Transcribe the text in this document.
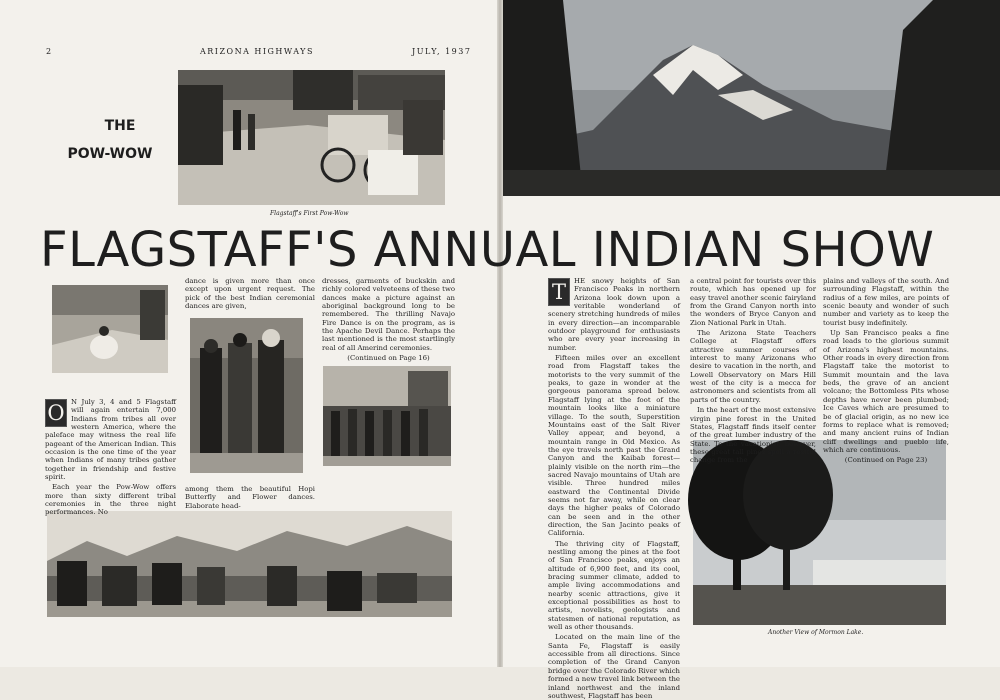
2	ARIZONA HIGHWAYS	JULY, 1937
THE
POW-WOW
Flagstaff's First Pow-Wow
FLAGSTAFF'S ANNUAL INDIAN SHOW

O N July 3, 4 and 5 Flagstaff will again entertain 7,000 Indians from tribes all over western America, where the paleface may witness the real life pageant of the American Indian. This occasion is the one time of the year when Indians of many tribes gather together in friendship and festive spirit.

Each year the Pow-Wow offers more than sixty different tribal ceremonies in the three night performances. No

dance is given more than once except upon urgent request. The pick of the best Indian ceremonial dances are given,

among them the beautiful Hopi Butterfly and Flower dances. Elaborate head-

dresses, garments of buckskin and richly colored velveteens of these two dances make a picture against an aboriginal background long to be remembered. The thrilling Navajo Fire Dance is on the program, as is the Apache Devil Dance. Perhaps the last mentioned is the most startlingly real of all Amerind ceremonies.

(Continued on Page 16)

T	HE snowy heights of San Francisco Peaks in northern Arizona look down upon a veritable wonderland of scenery stretching hundreds of miles in every direction—an incomparable outdoor playground for enthusiasts who are every year increasing in number.

Fifteen miles over an excellent road from Flagstaff takes the motorists to the very summit of the peaks, to gaze in wonder at the gorgeous panorama spread below. Flagstaff lying at the foot of the mountain looks like a miniature village. To the south, Superstition Mountains east of the Salt River Valley appear, and beyond, a mountain range in Old Mexico. As the eye travels north past the Grand Canyon and the Kaibab forest—plainly visible on the north rim—the sacred Navajo mountains of Utah are visible. Three hundred miles eastward the Continental Divide seems not far away, while on clear days the higher peaks of Colorado can be seen and in the other direction, the San Jacinto peaks of California.

The thriving city of Flagstaff, nestling among the pines at the foot of San Francisco peaks, enjoys an altitude of 6,900 feet, and its cool, bracing summer climate, added to ample living accommodations and nearby scenic attractions, give it exceptional possibilities as host to artists, novelists, geologists and statesmen of national reputation, as well as other thousands.

Located on the main line of the Santa Fe, Flagstaff is easily accessible from all directions. Since completion of the Grand Canyon bridge over the Colorado River which formed a new travel link between the inland northwest and the inland southwest, Flagstaff has been

a central point for tourists over this route, which has opened up for easy travel another scenic fairyland from the Grand Canyon north into the wonders of Bryce Canyon and Zion National Park in Utah.

The Arizona State Teachers College at Flagstaff offers attractive summer courses of interest to many Arizonans who desire to vacation in the north, and Lowell Observatory on Mars Hill west of the city is a mecca for astronomers and scientists from all parts of the country.

In the heart of the most extensive virgin pine forest in the United States, Flagstaff finds itself center of the great lumber industry of the State. To the vacationist, however, these great tall pines spell a restful change from the

plains and valleys of the south. And surrounding Flagstaff, within the radius of a few miles, are points of scenic beauty and wonder of such number and variety as to keep the tourist busy indefinitely.

Up San Francisco peaks a fine road leads to the glorious summit of Arizona's highest mountains. Other roads in every direction from Flagstaff take the motorist to Summit mountain and the lava beds, the grave of an ancient volcano; the Bottomless Pits whose depths have never been plumbed; Ice Caves which are presumed to be of glacial origin, as no new ice forms to replace what is removed; and many ancient ruins of Indian cliff dwellings and pueblo life, which are continuous.

(Continued on Page 23)

Another View of Mormon Lake.
